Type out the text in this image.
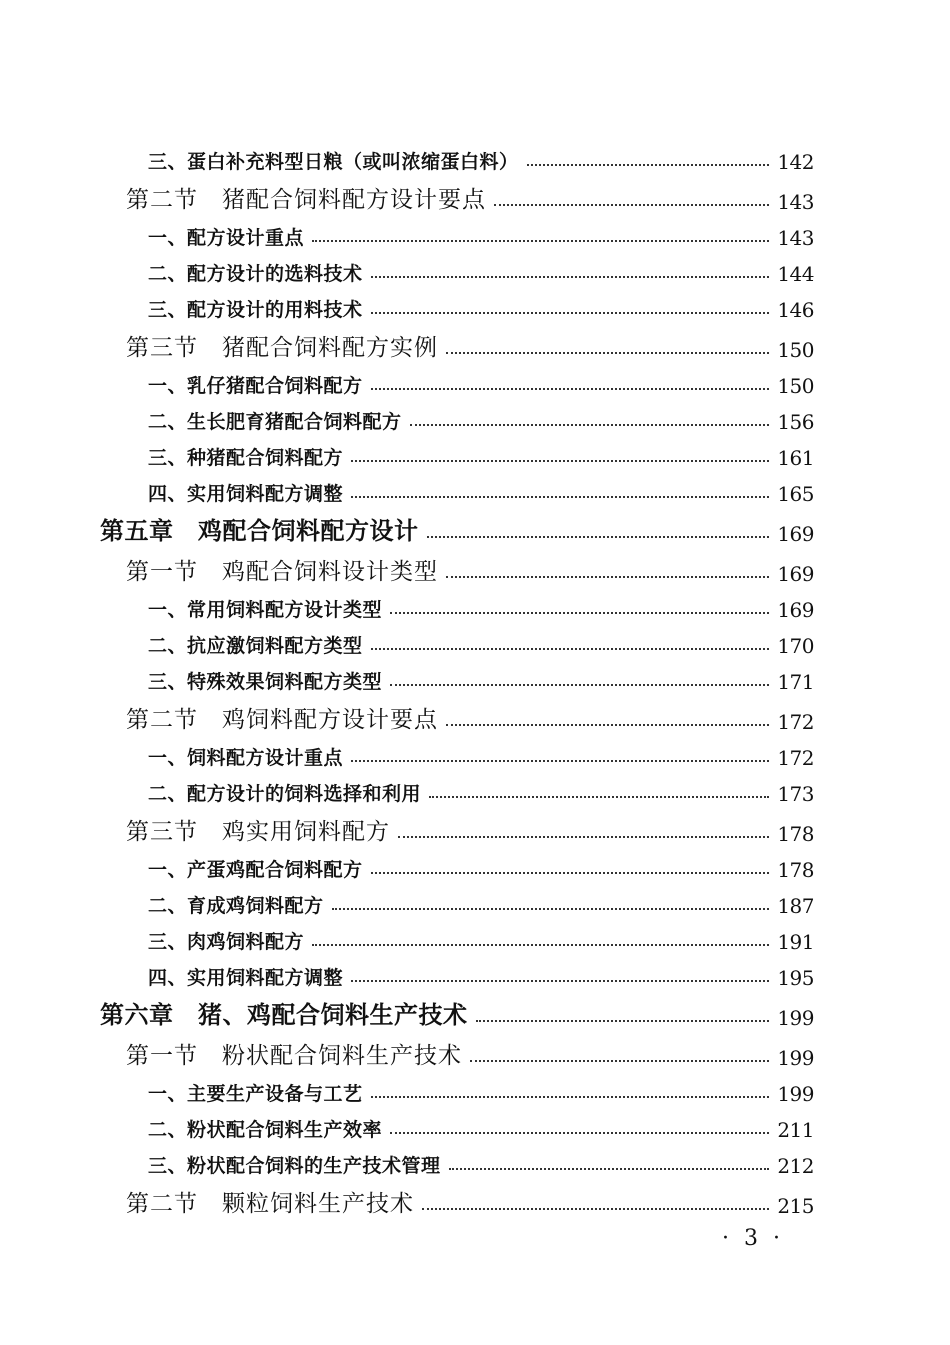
三、蛋白补充料型日粮（或叫浓缩蛋白料）	142
第二节　猪配合饲料配方设计要点	143
一、配方设计重点	143
二、配方设计的选料技术	144
三、配方设计的用料技术	146
第三节　猪配合饲料配方实例	150
一、乳仔猪配合饲料配方	150
二、生长肥育猪配合饲料配方	156
三、种猪配合饲料配方	161
四、实用饲料配方调整	165
第五章　鸡配合饲料配方设计	169
第一节　鸡配合饲料设计类型	169
一、常用饲料配方设计类型	169
二、抗应激饲料配方类型	170
三、特殊效果饲料配方类型	171
第二节　鸡饲料配方设计要点	172
一、饲料配方设计重点	172
二、配方设计的饲料选择和利用	173
第三节　鸡实用饲料配方	178
一、产蛋鸡配合饲料配方	178
二、育成鸡饲料配方	187
三、肉鸡饲料配方	191
四、实用饲料配方调整	195
第六章　猪、鸡配合饲料生产技术	199
第一节　粉状配合饲料生产技术	199
一、主要生产设备与工艺	199
二、粉状配合饲料生产效率	211
三、粉状配合饲料的生产技术管理	212
第二节　颗粒饲料生产技术	215
· 3 ·
